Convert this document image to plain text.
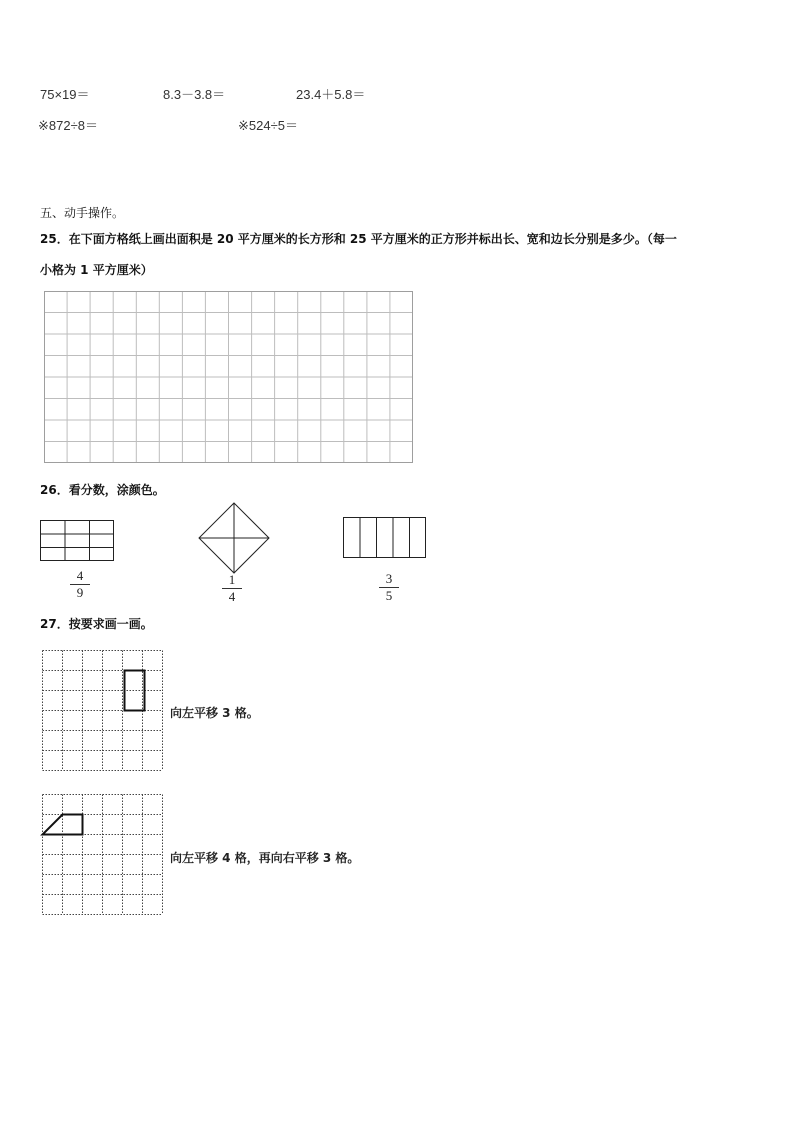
75×19＝	8.3－3.8＝	23.4＋5.8＝
※872÷8＝	※524÷5＝
五、动手操作。
25．在下面方格纸上画出面积是 20 平方厘米的长方形和 25 平方厘米的正方形并标出长、宽和边长分别是多少。（每一
小格为 1 平方厘米）
26．看分数，涂颜色。
4
9
1
4
3
5
27．按要求画一画。
向左平移 3 格。
向左平移 4 格，再向右平移 3 格。
